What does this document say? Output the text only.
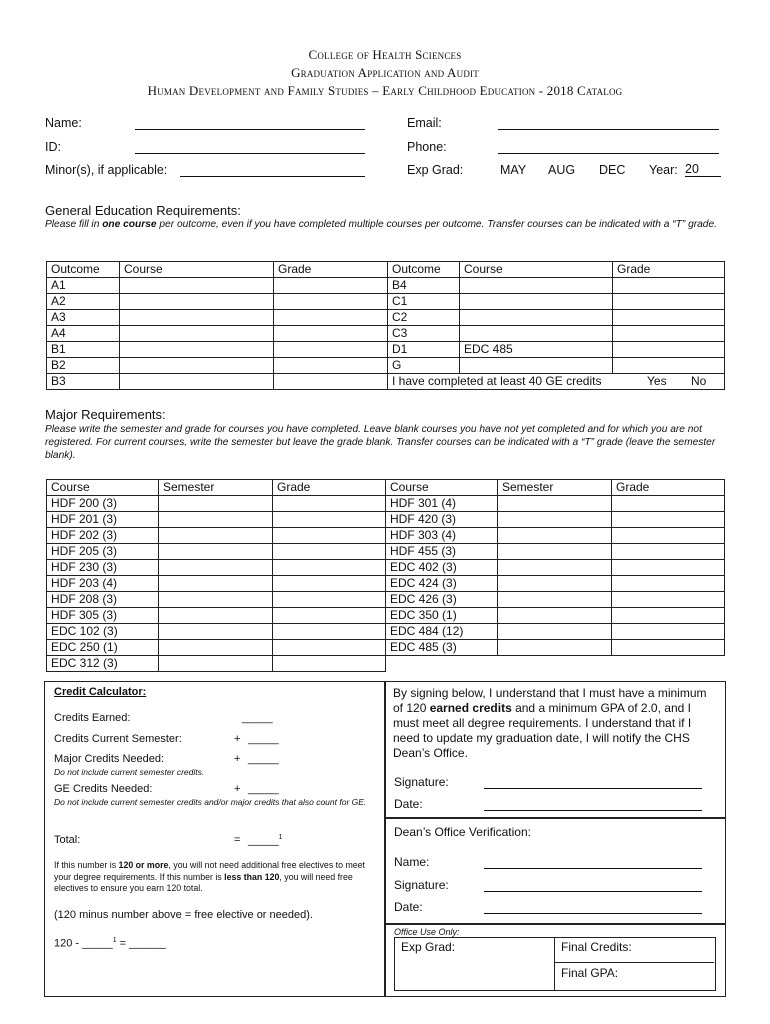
College of Health Sciences
Graduation Application and Audit
Human Development and Family Studies – Early Childhood Education - 2018 Catalog
Name:
ID:
Minor(s), if applicable:
Email:
Phone:
Exp Grad:	MAY AUG DEC Year: 20
General Education Requirements:
Please fill in one course per outcome, even if you have completed multiple courses per outcome. Transfer courses can be indicated with a “T” grade.
Outcome	Course	Grade	Outcome	Course	Grade
A1			B4		
A2			C1		
A3			C2		
A4			C3		
B1			D1	EDC 485	
B2			G		
B3			I have completed at least 40 GE credits Yes No		
Major Requirements:
Please write the semester and grade for courses you have completed. Leave blank courses you have not yet completed and for which you are not registered. For current courses, write the semester but leave the grade blank. Transfer courses can be indicated with a “T” grade (leave the semester blank).
Course	Semester	Grade	Course	Semester	Grade
HDF 200 (3)			HDF 301 (4)		
HDF 201 (3)			HDF 420 (3)		
HDF 202 (3)			HDF 303 (4)		
HDF 205 (3)			HDF 455 (3)		
HDF 230 (3)			EDC 402 (3)		
HDF 203 (4)			EDC 424 (3)		
HDF 208 (3)			EDC 426 (3)		
HDF 305 (3)			EDC 350 (1)		
EDC 102 (3)			EDC 484 (12)		
EDC 250 (1)			EDC 485 (3)		
EDC 312 (3)					
Credit Calculator:
Credits Earned:	_____
Credits Current Semester:	+ _____
Major Credits Needed:	+ _____
Do not include current semester credits.
GE Credits Needed:	+ _____
Do not include current semester credits and/or major credits that also count for GE.
Total:	= _____$^1$
If this number is 120 or more, you will not need additional free electives to meet your degree requirements. If this number is less than 120, you will need free electives to ensure you earn 120 total.
(120 minus number above = free elective or needed).
120 - _____$^1$ = ______
By signing below, I understand that I must have a minimum of 120 earned credits and a minimum GPA of 2.0, and I must meet all degree requirements. I understand that if I need to update my graduation date, I will notify the CHS Dean’s Office.
Signature:
Date:
Dean’s Office Verification:
Name:
Signature:
Date:
Office Use Only:
Exp Grad:	Final Credits:
Final GPA:
